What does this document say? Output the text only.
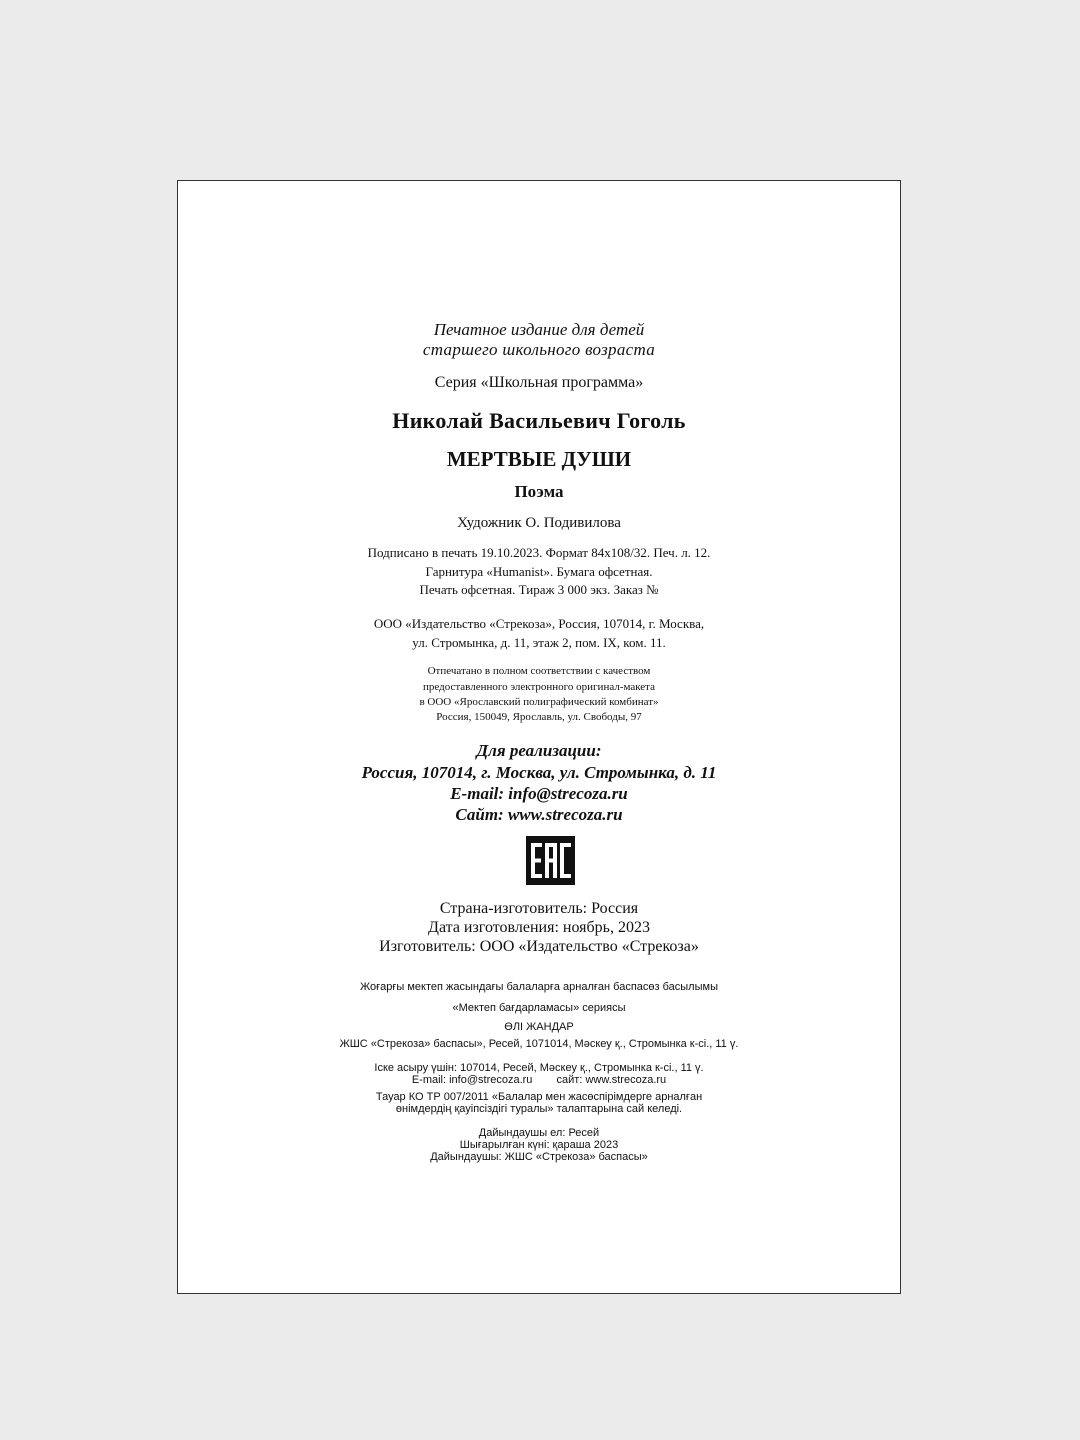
Печатное издание для детей
старшего школьного возраста
Серия «Школьная программа»
Николай Васильевич Гоголь
МЕРТВЫЕ ДУШИ
Поэма
Художник О. Подивилова
Подписано в печать 19.10.2023. Формат 84x108/32. Печ. л. 12.
Гарнитура «Humanist». Бумага офсетная.
Печать офсетная. Тираж 3 000 экз. Заказ №
ООО «Издательство «Стрекоза», Россия, 107014, г. Москва,
ул. Стромынка, д. 11, этаж 2, пом. IX, ком. 11.
Отпечатано в полном соответствии с качеством
предоставленного электронного оригинал-макета
в ООО «Ярославский полиграфический комбинат»
Россия, 150049, Ярославль, ул. Свободы, 97
Для реализации:
Россия, 107014, г. Москва, ул. Стромынка, д. 11
E-mail: info@strecoza.ru
Сайт: www.strecoza.ru
Страна-изготовитель: Россия
Дата изготовления: ноябрь, 2023
Изготовитель: ООО «Издательство «Стрекоза»
Жоғарғы мектеп жасындағы балаларға арналған баспасөз басылымы
«Мектеп бағдарламасы» сериясы
ӨЛІ ЖАНДАР
ЖШС «Стрекоза» баспасы», Ресей, 1071014, Мәскеу қ., Стромынка к-сі., 11 ү.
Іске асыру үшін: 107014, Ресей, Мәскеу қ., Стромынка к-сі., 11 ү.
E-mail: info@strecoza.ru сайт: www.strecoza.ru
Тауар КО ТР 007/2011 «Балалар мен жасөспірімдерге арналған
өнімдердің қауіпсіздігі туралы» талаптарына сай келеді.
Дайындаушы ел: Ресей
Шығарылған күні: қараша 2023
Дайындаушы: ЖШС «Стрекоза» баспасы»
